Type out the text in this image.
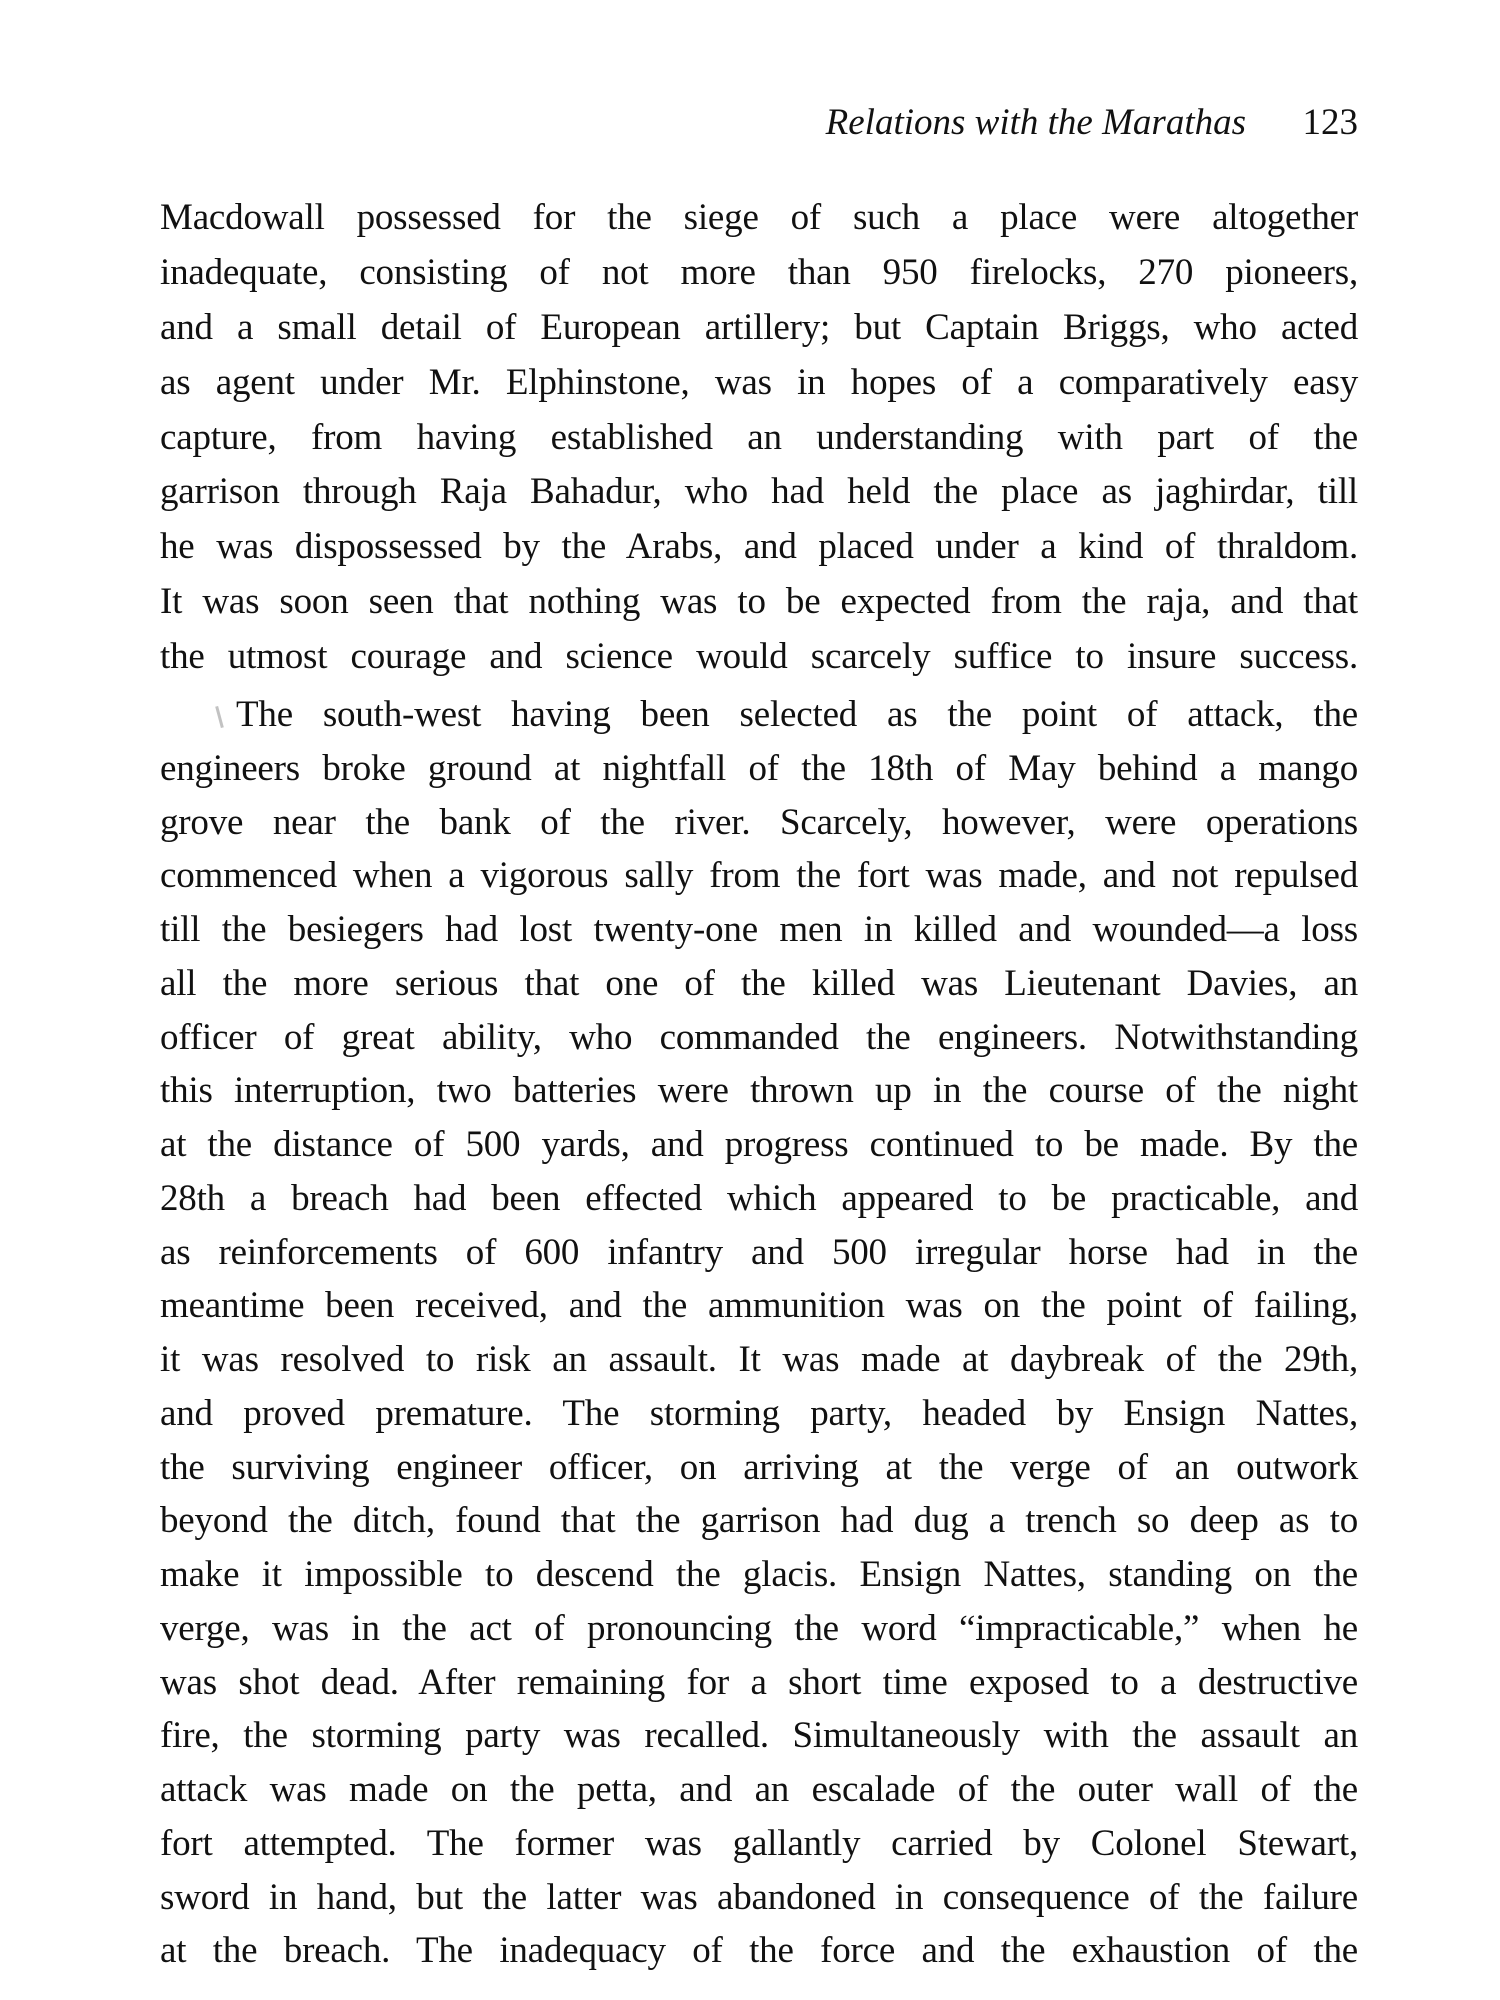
Relations with the Marathas 123
Macdowall possessed for the siege of such a place were altogether
inadequate, consisting of not more than 950 firelocks, 270 pioneers,
and a small detail of European artillery; but Captain Briggs, who acted
as agent under Mr. Elphinstone, was in hopes of a comparatively easy
capture, from having established an understanding with part of the
garrison through Raja Bahadur, who had held the place as jaghirdar, till
he was dispossessed by the Arabs, and placed under a kind of thraldom.
It was soon seen that nothing was to be expected from the raja, and that
the utmost courage and science would scarcely suffice to insure success.
The south-west having been selected as the point of attack, the
engineers broke ground at nightfall of the 18th of May behind a mango
grove near the bank of the river. Scarcely, however, were operations
commenced when a vigorous sally from the fort was made, and not repulsed
till the besiegers had lost twenty-one men in killed and wounded—a loss
all the more serious that one of the killed was Lieutenant Davies, an
officer of great ability, who commanded the engineers. Notwithstanding
this interruption, two batteries were thrown up in the course of the night
at the distance of 500 yards, and progress continued to be made. By the
28th a breach had been effected which appeared to be practicable, and
as reinforcements of 600 infantry and 500 irregular horse had in the
meantime been received, and the ammunition was on the point of failing,
it was resolved to risk an assault. It was made at daybreak of the 29th,
and proved premature. The storming party, headed by Ensign Nattes,
the surviving engineer officer, on arriving at the verge of an outwork
beyond the ditch, found that the garrison had dug a trench so deep as to
make it impossible to descend the glacis. Ensign Nattes, standing on the
verge, was in the act of pronouncing the word “impracticable,” when he
was shot dead. After remaining for a short time exposed to a destructive
fire, the storming party was recalled. Simultaneously with the assault an
attack was made on the petta, and an escalade of the outer wall of the
fort attempted. The former was gallantly carried by Colonel Stewart,
sword in hand, but the latter was abandoned in consequence of the failure
at the breach. The inadequacy of the force and the exhaustion of the
